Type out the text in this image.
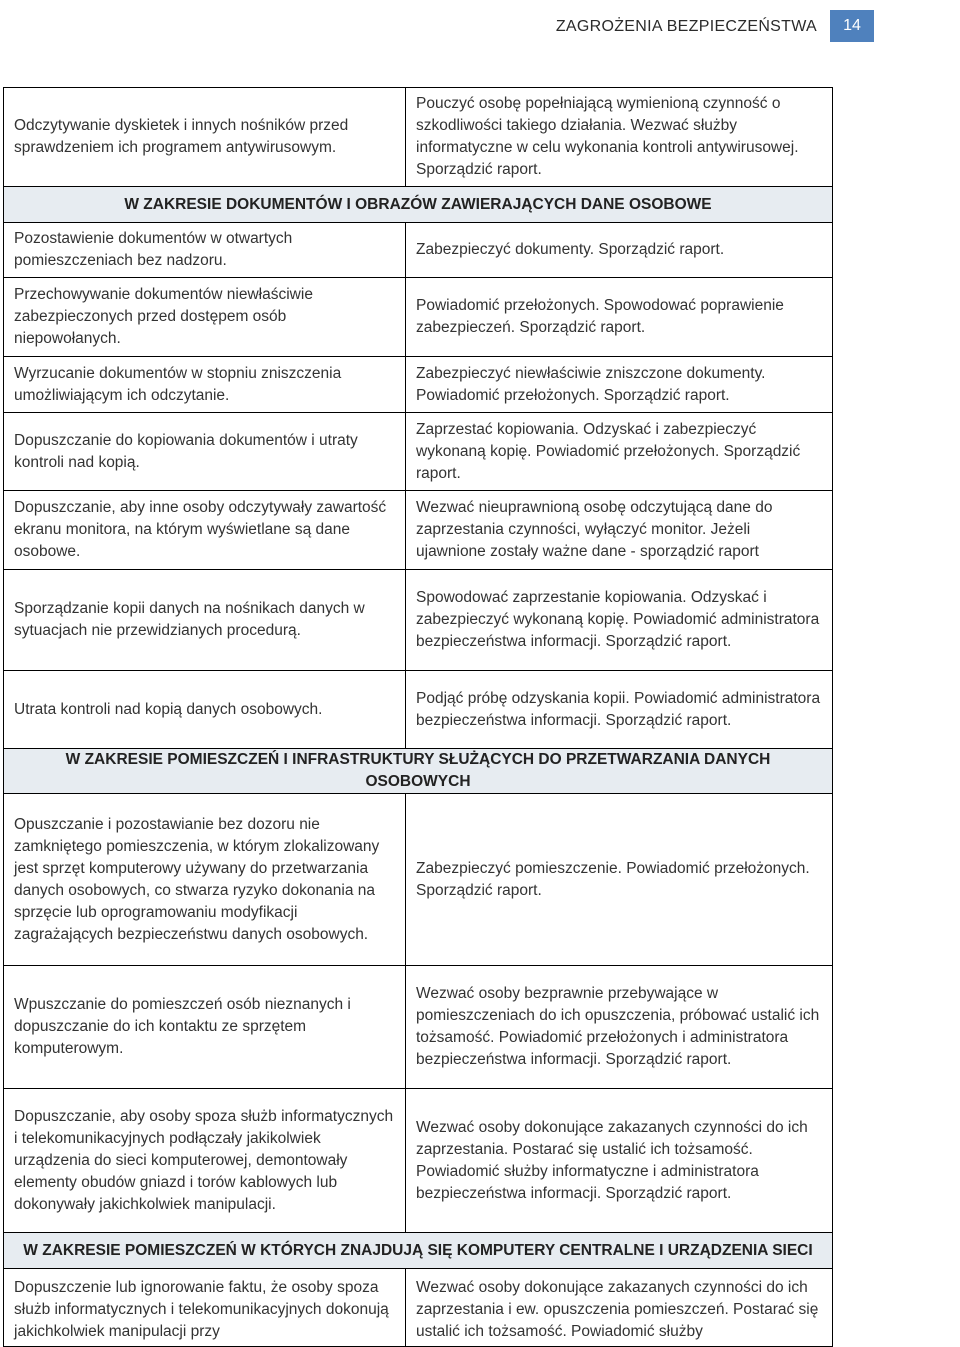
ZAGROŻENIA BEZPIECZEŃSTWA 14
Odczytywanie dyskietek i innych nośników przed sprawdzeniem ich programem antywirusowym.	Pouczyć osobę popełniającą wymienioną czynność o szkodliwości takiego działania. Wezwać służby informatyczne w celu wykonania kontroli antywirusowej. Sporządzić raport.
W ZAKRESIE DOKUMENTÓW I OBRAZÓW ZAWIERAJĄCYCH DANE OSOBOWE	
Pozostawienie dokumentów w otwartych pomieszczeniach bez nadzoru.	Zabezpieczyć dokumenty. Sporządzić raport.
Przechowywanie dokumentów niewłaściwie zabezpieczonych przed dostępem osób niepowołanych.	Powiadomić przełożonych. Spowodować poprawienie zabezpieczeń. Sporządzić raport.
Wyrzucanie dokumentów w stopniu zniszczenia umożliwiającym ich odczytanie.	Zabezpieczyć niewłaściwie zniszczone dokumenty. Powiadomić przełożonych. Sporządzić raport.
Dopuszczanie do kopiowania dokumentów i utraty kontroli nad kopią.	Zaprzestać kopiowania. Odzyskać i zabezpieczyć wykonaną kopię. Powiadomić przełożonych. Sporządzić raport.
Dopuszczanie, aby inne osoby odczytywały zawartość ekranu monitora, na którym wyświetlane są dane osobowe.	Wezwać nieuprawnioną osobę odczytującą dane do zaprzestania czynności, wyłączyć monitor. Jeżeli ujawnione zostały ważne dane - sporządzić raport
Sporządzanie kopii danych na nośnikach danych w sytuacjach nie przewidzianych procedurą.	Spowodować zaprzestanie kopiowania. Odzyskać i zabezpieczyć wykonaną kopię. Powiadomić administratora bezpieczeństwa informacji. Sporządzić raport.
Utrata kontroli nad kopią danych osobowych.	Podjąć próbę odzyskania kopii. Powiadomić administratora bezpieczeństwa informacji. Sporządzić raport.
W ZAKRESIE POMIESZCZEŃ I INFRASTRUKTURY SŁUŻĄCYCH DO PRZETWARZANIA DANYCH OSOBOWYCH	
Opuszczanie i pozostawianie bez dozoru nie zamkniętego pomieszczenia, w którym zlokalizowany jest sprzęt komputerowy używany do przetwarzania danych osobowych, co stwarza ryzyko dokonania na sprzęcie lub oprogramowaniu modyfikacji zagrażających bezpieczeństwu danych osobowych.	Zabezpieczyć pomieszczenie. Powiadomić przełożonych. Sporządzić raport.
Wpuszczanie do pomieszczeń osób nieznanych i dopuszczanie do ich kontaktu ze sprzętem komputerowym.	Wezwać osoby bezprawnie przebywające w pomieszczeniach do ich opuszczenia, próbować ustalić ich tożsamość. Powiadomić przełożonych i administratora bezpieczeństwa informacji. Sporządzić raport.
Dopuszczanie, aby osoby spoza służb informatycznych i telekomunikacyjnych podłączały jakikolwiek urządzenia do sieci komputerowej, demontowały elementy obudów gniazd i torów kablowych lub dokonywały jakichkolwiek manipulacji.	Wezwać osoby dokonujące zakazanych czynności do ich zaprzestania. Postarać się ustalić ich tożsamość. Powiadomić służby informatyczne i administratora bezpieczeństwa informacji. Sporządzić raport.
W ZAKRESIE POMIESZCZEŃ W KTÓRYCH ZNAJDUJĄ SIĘ KOMPUTERY CENTRALNE I URZĄDZENIA SIECI	
Dopuszczenie lub ignorowanie faktu, że osoby spoza służb informatycznych i telekomunikacyjnych dokonują jakichkolwiek manipulacji przy	Wezwać osoby dokonujące zakazanych czynności do ich zaprzestania i ew. opuszczenia pomieszczeń. Postarać się ustalić ich tożsamość. Powiadomić służby
